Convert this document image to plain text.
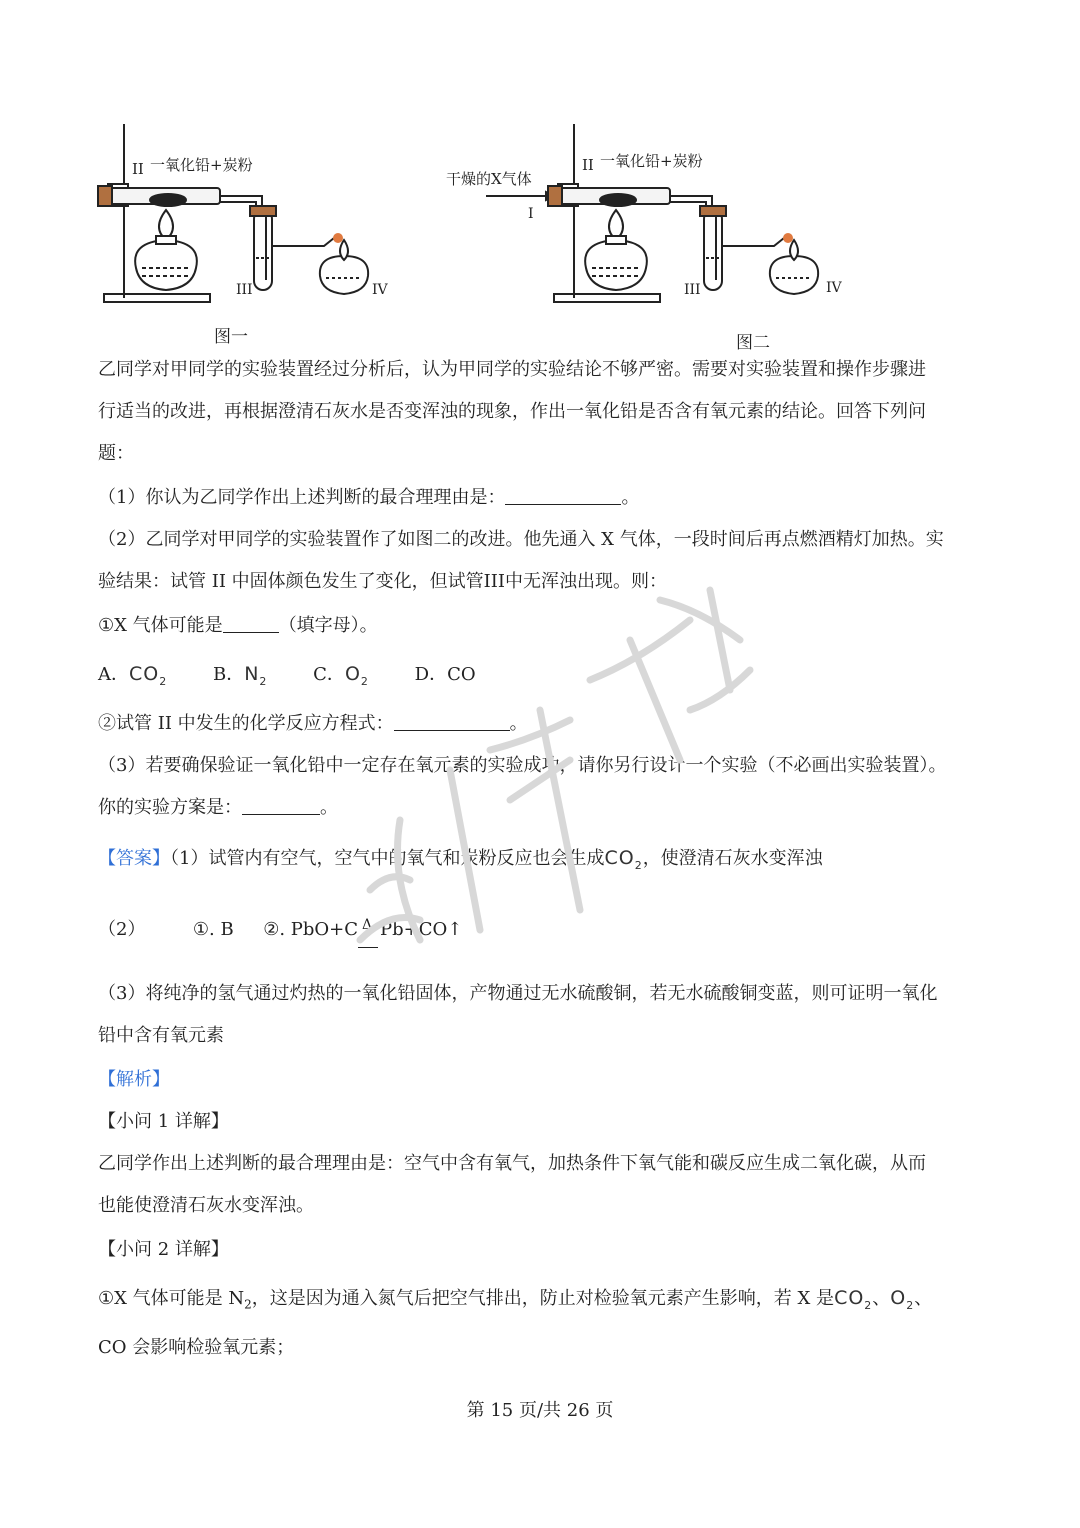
II 一氧化铅+炭粉
III	IV
图一
干燥的X气体
I
II 一氧化铅+炭粉
III	IV
图二
乙同学对甲同学的实验装置经过分析后，认为甲同学的实验结论不够严密。需要对实验装置和操作步骤进
行适当的改进，再根据澄清石灰水是否变浑浊的现象，作出一氧化铅是否含有氧元素的结论。回答下列问
题：
（1）你认为乙同学作出上述判断的最合理理由是：	。
（2）乙同学对甲同学的实验装置作了如图二的改进。他先通入 X 气体，一段时间后再点燃酒精灯加热。实
验结果：试管 II 中固体颜色发生了变化，但试管III中无浑浊出现。则：
①X 气体可能是	（填字母）。
A．$CO_2$	B．$N_2$	C．$O_2$	D．CO
②试管 II 中发生的化学反应方程式：	。
（3）若要确保验证一氧化铅中一定存在氧元素的实验成功，请你另行设计一个实验（不必画出实验装置）。
你的实验方案是：	。
【答案】（1）试管内有空气，空气中的氧气和炭粉反应也会生成$CO_2$，使澄清石灰水变浑浊
（2）	①. B ②. PbO+C Δ Pb+CO↑
（3）将纯净的氢气通过灼热的一氧化铅固体，产物通过无水硫酸铜，若无水硫酸铜变蓝，则可证明一氧化
铅中含有氧元素
【解析】
【小问 1 详解】
乙同学作出上述判断的最合理理由是：空气中含有氧气，加热条件下氧气能和碳反应生成二氧化碳，从而
也能使澄清石灰水变浑浊。
【小问 2 详解】
①X 气体可能是 $N_2$，这是因为通入氮气后把空气排出，防止对检验氧元素产生影响，若 X 是$CO_2$、$O_2$、
CO 会影响检验氧元素；
第 15 页/共 26 页
